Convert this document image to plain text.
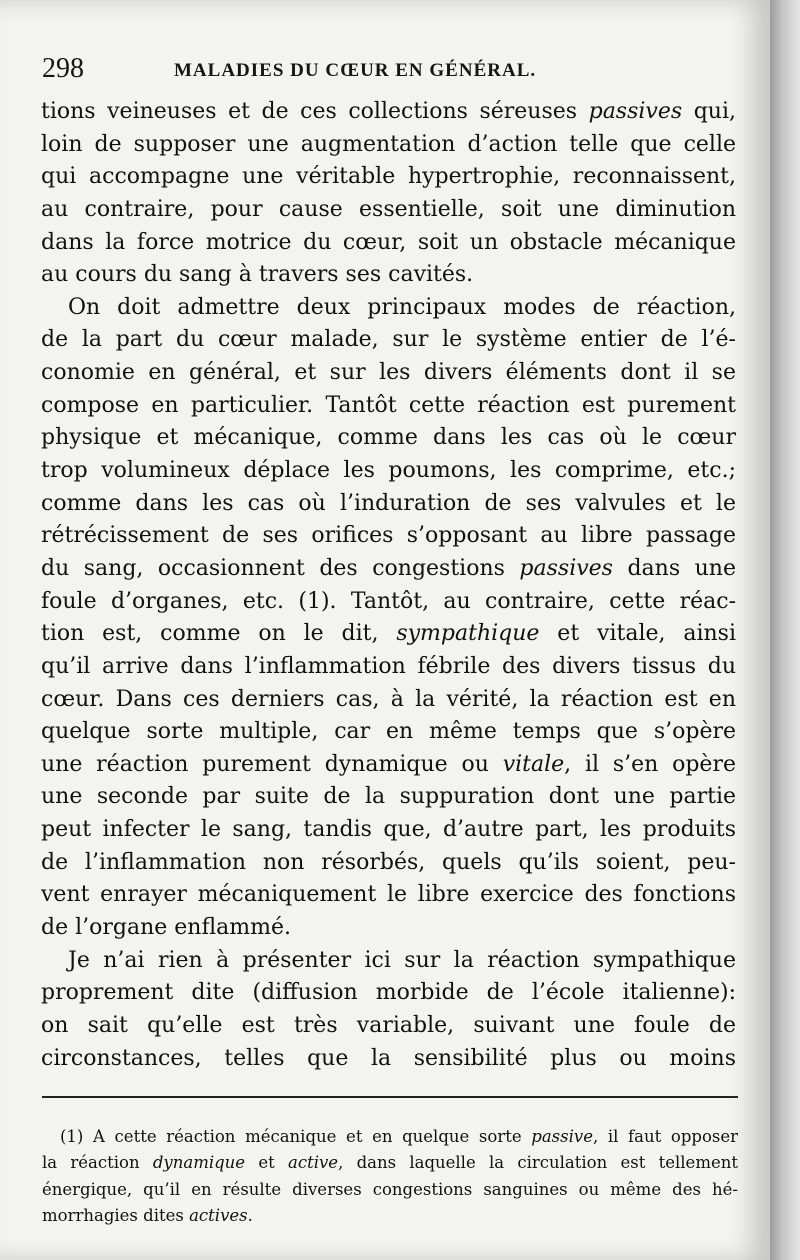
298	MALADIES DU CŒUR EN GÉNÉRAL.
tions veineuses et de ces collections séreuses passives qui,
loin de supposer une augmentation d’action telle que celle
qui accompagne une véritable hypertrophie, reconnaissent,
au contraire, pour cause essentielle, soit une diminution
dans la force motrice du cœur, soit un obstacle mécanique
au cours du sang à travers ses cavités.
On doit admettre deux principaux modes de réaction,
de la part du cœur malade, sur le système entier de l’é-
conomie en général, et sur les divers éléments dont il se
compose en particulier. Tantôt cette réaction est purement
physique et mécanique, comme dans les cas où le cœur
trop volumineux déplace les poumons, les comprime, etc.;
comme dans les cas où l’induration de ses valvules et le
rétrécissement de ses orifices s’opposant au libre passage
du sang, occasionnent des congestions passives dans une
foule d’organes, etc. (1). Tantôt, au contraire, cette réac-
tion est, comme on le dit, sympathique et vitale, ainsi
qu’il arrive dans l’inflammation fébrile des divers tissus du
cœur. Dans ces derniers cas, à la vérité, la réaction est en
quelque sorte multiple, car en même temps que s’opère
une réaction purement dynamique ou vitale, il s’en opère
une seconde par suite de la suppuration dont une partie
peut infecter le sang, tandis que, d’autre part, les produits
de l’inflammation non résorbés, quels qu’ils soient, peu-
vent enrayer mécaniquement le libre exercice des fonctions
de l’organe enflammé.
Je n’ai rien à présenter ici sur la réaction sympathique
proprement dite (diffusion morbide de l’école italienne):
on sait qu’elle est très variable, suivant une foule de
circonstances, telles que la sensibilité plus ou moins
(1) A cette réaction mécanique et en quelque sorte passive, il faut opposer
la réaction dynamique et active, dans laquelle la circulation est tellement
énergique, qu’il en résulte diverses congestions sanguines ou même des hé-
morrhagies dites actives.
